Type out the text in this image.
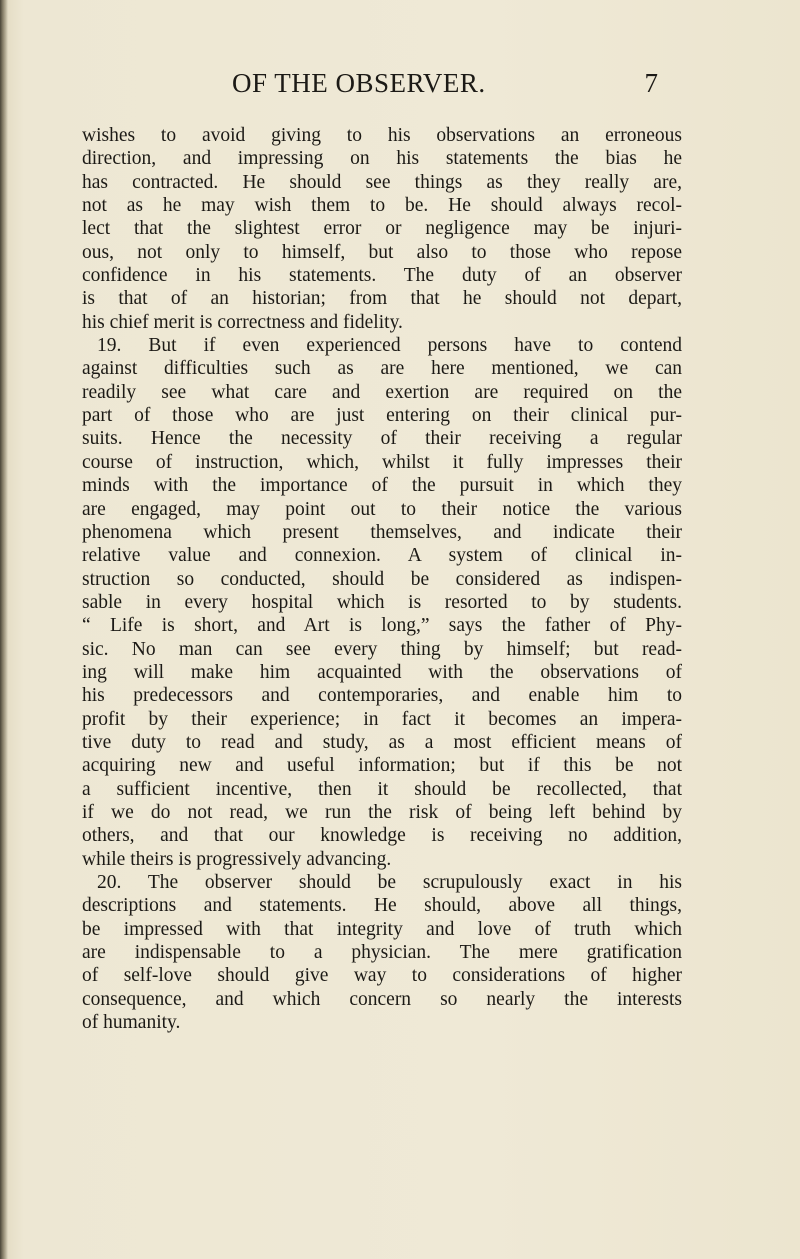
OF THE OBSERVER.	7
wishes to avoid giving to his observations an erroneous
direction, and impressing on his statements the bias he
has contracted. He should see things as they really are,
not as he may wish them to be. He should always recol-
lect that the slightest error or negligence may be injuri-
ous, not only to himself, but also to those who repose
confidence in his statements. The duty of an observer
is that of an historian; from that he should not depart,
his chief merit is correctness and fidelity.
19. But if even experienced persons have to contend
against difficulties such as are here mentioned, we can
readily see what care and exertion are required on the
part of those who are just entering on their clinical pur-
suits. Hence the necessity of their receiving a regular
course of instruction, which, whilst it fully impresses their
minds with the importance of the pursuit in which they
are engaged, may point out to their notice the various
phenomena which present themselves, and indicate their
relative value and connexion. A system of clinical in-
struction so conducted, should be considered as indispen-
sable in every hospital which is resorted to by students.
“ Life is short, and Art is long,” says the father of Phy-
sic. No man can see every thing by himself; but read-
ing will make him acquainted with the observations of
his predecessors and contemporaries, and enable him to
profit by their experience; in fact it becomes an impera-
tive duty to read and study, as a most efficient means of
acquiring new and useful information; but if this be not
a sufficient incentive, then it should be recollected, that
if we do not read, we run the risk of being left behind by
others, and that our knowledge is receiving no addition,
while theirs is progressively advancing.
20. The observer should be scrupulously exact in his
descriptions and statements. He should, above all things,
be impressed with that integrity and love of truth which
are indispensable to a physician. The mere gratification
of self-love should give way to considerations of higher
consequence, and which concern so nearly the interests
of humanity.
